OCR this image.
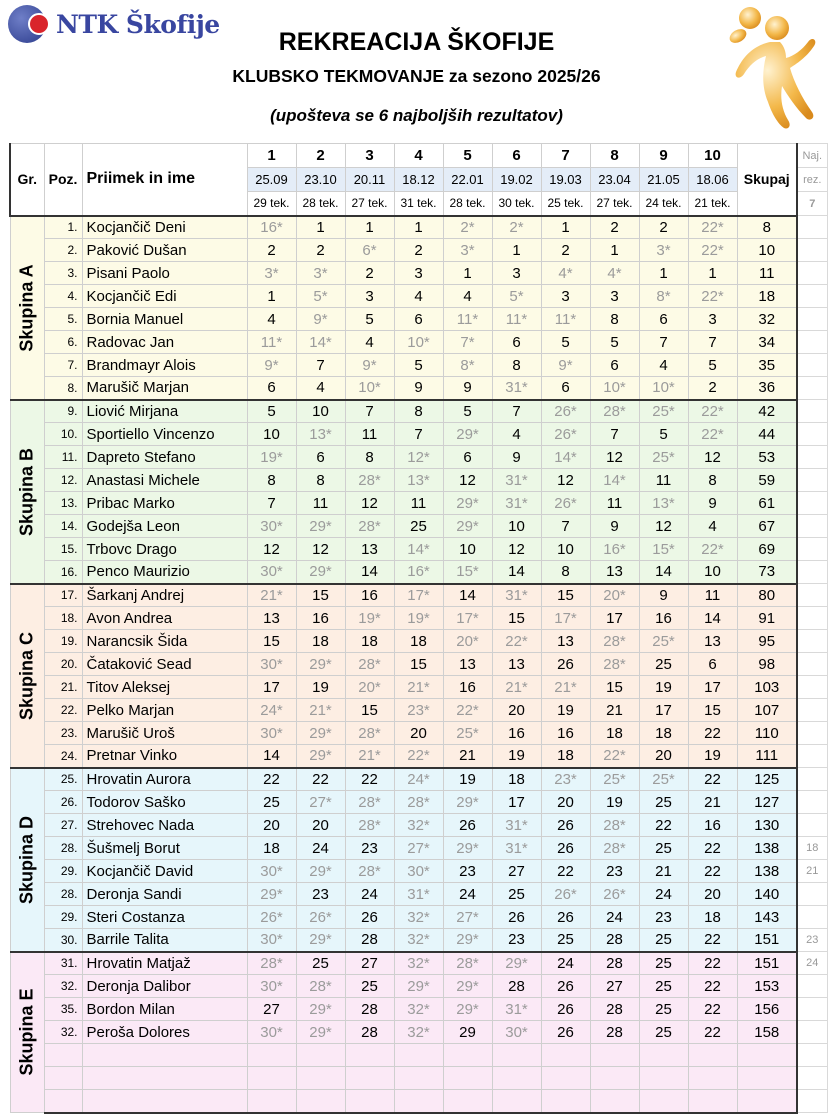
NTK Škofije
REKREACIJA ŠKOFIJE
KLUBSKO TEKMOVANJE za sezono 2025/26
(upošteva se 6 najboljših rezultatov)
Gr.	Poz.	Priimek in ime	1	2	3	4	5	6	7	8	9	10	Skupaj	Naj.
			25.09	23.10	20.11	18.12	22.01	19.02	19.03	23.04	21.05	18.06		rez.
			29 tek.	28 tek.	27 tek.	31 tek.	28 tek.	30 tek.	25 tek.	27 tek.	24 tek.	21 tek.		7

Skupina A	1.	Kocjančič Deni	16*	1	1	1	2*	2*	1	2	2	22*	8	
	2.	Paković Dušan	2	2	6*	2	3*	1	2	1	3*	22*	10	
	3.	Pisani Paolo	3*	3*	2	3	1	3	4*	4*	1	1	11	
	4.	Kocjančič Edi	1	5*	3	4	4	5*	3	3	8*	22*	18	
	5.	Bornia Manuel	4	9*	5	6	11*	11*	11*	8	6	3	32	
	6.	Radovac Jan	11*	14*	4	10*	7*	6	5	5	7	7	34	
	7.	Brandmayr Alois	9*	7	9*	5	8*	8	9*	6	4	5	35	
	8.	Marušič Marjan	6	4	10*	9	9	31*	6	10*	10*	2	36	

Skupina B	9.	Liović Mirjana	5	10	7	8	5	7	26*	28*	25*	22*	42	
	10.	Sportiello Vincenzo	10	13*	11	7	29*	4	26*	7	5	22*	44	
	11.	Dapreto Stefano	19*	6	8	12*	6	9	14*	12	25*	12	53	
	12.	Anastasi Michele	8	8	28*	13*	12	31*	12	14*	11	8	59	
	13.	Pribac Marko	7	11	12	11	29*	31*	26*	11	13*	9	61	
	14.	Godejša Leon	30*	29*	28*	25	29*	10	7	9	12	4	67	
	15.	Trbovc Drago	12	12	13	14*	10	12	10	16*	15*	22*	69	
	16.	Penco Maurizio	30*	29*	14	16*	15*	14	8	13	14	10	73	

Skupina C	17.	Šarkanj Andrej	21*	15	16	17*	14	31*	15	20*	9	11	80	
	18.	Avon Andrea	13	16	19*	19*	17*	15	17*	17	16	14	91	
	19.	Narancsik Šida	15	18	18	18	20*	22*	13	28*	25*	13	95	
	20.	Čataković Sead	30*	29*	28*	15	13	13	26	28*	25	6	98	
	21.	Titov Aleksej	17	19	20*	21*	16	21*	21*	15	19	17	103	
	22.	Pelko Marjan	24*	21*	15	23*	22*	20	19	21	17	15	107	
	23.	Marušič Uroš	30*	29*	28*	20	25*	16	16	18	18	22	110	
	24.	Pretnar Vinko	14	29*	21*	22*	21	19	18	22*	20	19	111	

Skupina D	25.	Hrovatin Aurora	22	22	22	24*	19	18	23*	25*	25*	22	125	
	26.	Todorov Saško	25	27*	28*	28*	29*	17	20	19	25	21	127	
	27.	Strehovec Nada	20	20	28*	32*	26	31*	26	28*	22	16	130	
	28.	Šušmelj Borut	18	24	23	27*	29*	31*	26	28*	25	22	138	18
	29.	Kocjančič David	30*	29*	28*	30*	23	27	22	23	21	22	138	21
	28.	Deronja Sandi	29*	23	24	31*	24	25	26*	26*	24	20	140	
	29.	Steri Costanza	26*	26*	26	32*	27*	26	26	24	23	18	143	
	30.	Barrile Talita	30*	29*	28	32*	29*	23	25	28	25	22	151	23

Skupina E	31.	Hrovatin Matjaž	28*	25	27	32*	28*	29*	24	28	25	22	151	24
	32.	Deronja Dalibor	30*	28*	25	29*	29*	28	26	27	25	22	153	
	35.	Bordon Milan	27	29*	28	32*	29*	31*	26	28	25	22	156	
	32.	Peroša Dolores	30*	29*	28	32*	29	30*	26	28	25	22	158	
